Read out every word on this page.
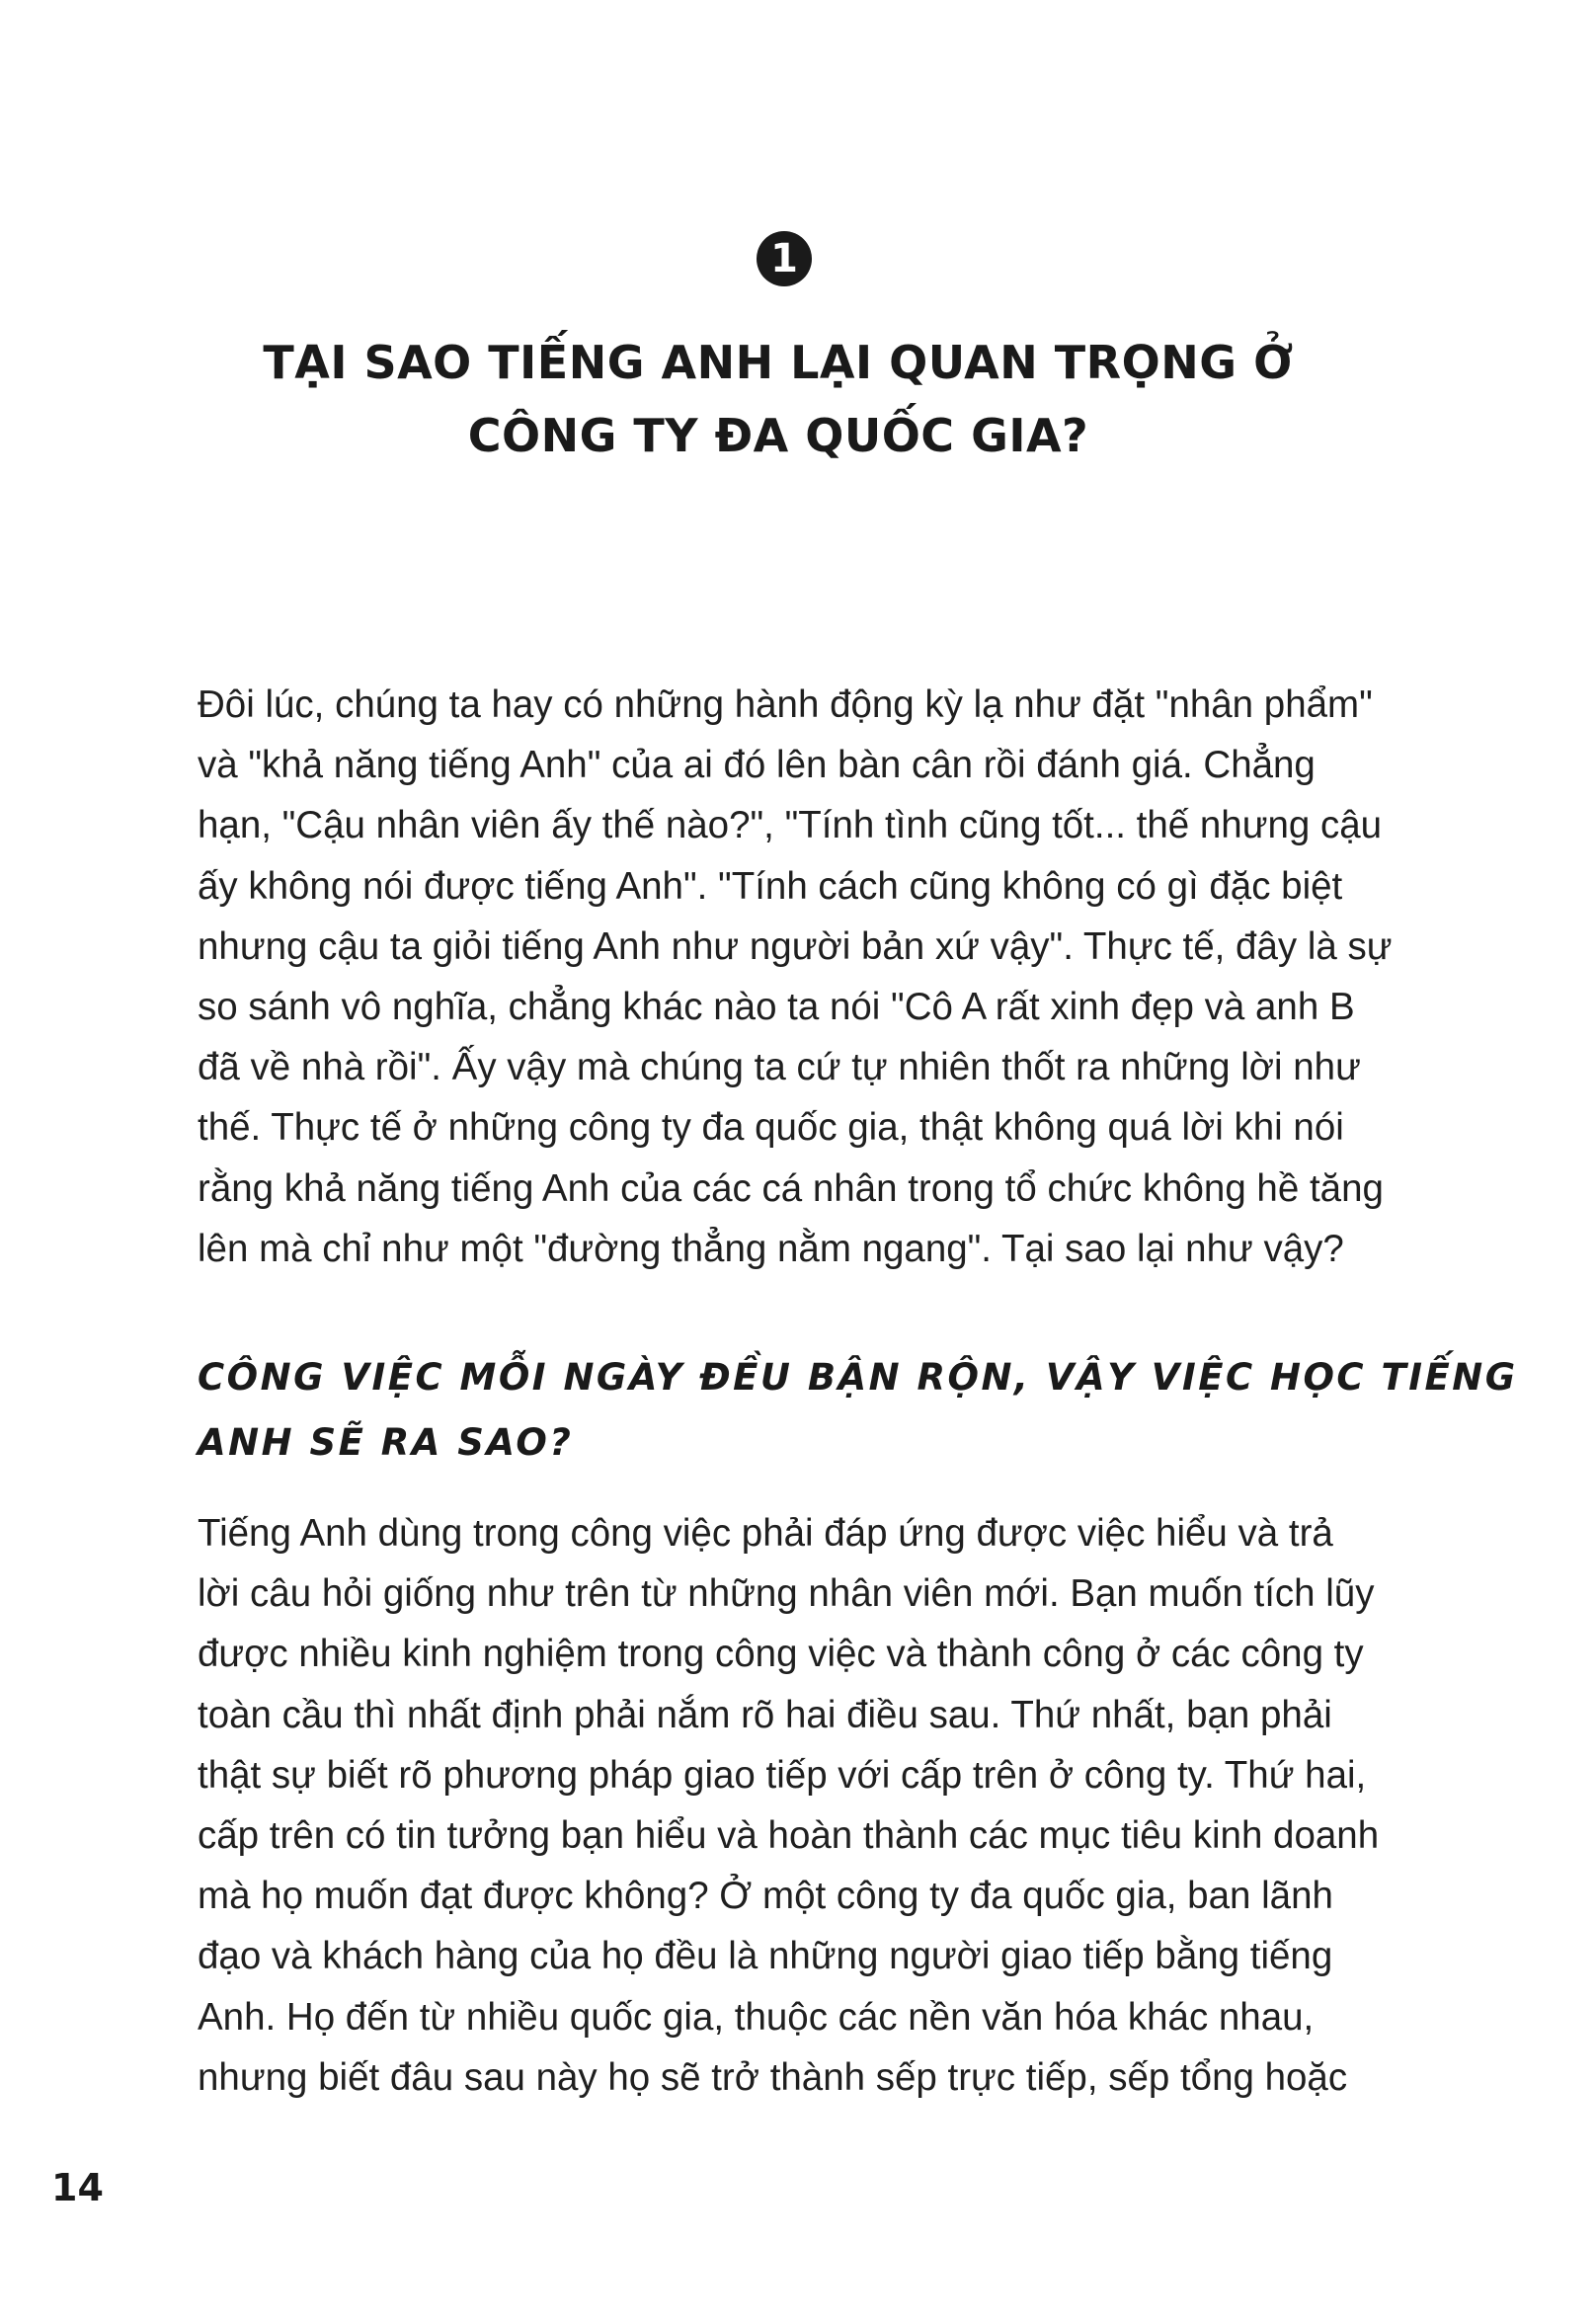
1
TẠI SAO TIẾNG ANH LẠI QUAN TRỌNG Ở
CÔNG TY ĐA QUỐC GIA?
Đôi lúc, chúng ta hay có những hành động kỳ lạ như đặt "nhân phẩm"
và "khả năng tiếng Anh" của ai đó lên bàn cân rồi đánh giá. Chẳng
hạn, "Cậu nhân viên ấy thế nào?", "Tính tình cũng tốt... thế nhưng cậu
ấy không nói được tiếng Anh". "Tính cách cũng không có gì đặc biệt
nhưng cậu ta giỏi tiếng Anh như người bản xứ vậy". Thực tế, đây là sự
so sánh vô nghĩa, chẳng khác nào ta nói "Cô A rất xinh đẹp và anh B
đã về nhà rồi". Ấy vậy mà chúng ta cứ tự nhiên thốt ra những lời như
thế. Thực tế ở những công ty đa quốc gia, thật không quá lời khi nói
rằng khả năng tiếng Anh của các cá nhân trong tổ chức không hề tăng
lên mà chỉ như một "đường thẳng nằm ngang". Tại sao lại như vậy?
CÔNG VIỆC MỖI NGÀY ĐỀU BẬN RỘN, VẬY VIỆC HỌC TIẾNG
ANH SẼ RA SAO?
Tiếng Anh dùng trong công việc phải đáp ứng được việc hiểu và trả
lời câu hỏi giống như trên từ những nhân viên mới. Bạn muốn tích lũy
được nhiều kinh nghiệm trong công việc và thành công ở các công ty
toàn cầu thì nhất định phải nắm rõ hai điều sau. Thứ nhất, bạn phải
thật sự biết rõ phương pháp giao tiếp với cấp trên ở công ty. Thứ hai,
cấp trên có tin tưởng bạn hiểu và hoàn thành các mục tiêu kinh doanh
mà họ muốn đạt được không? Ở một công ty đa quốc gia, ban lãnh
đạo và khách hàng của họ đều là những người giao tiếp bằng tiếng
Anh. Họ đến từ nhiều quốc gia, thuộc các nền văn hóa khác nhau,
nhưng biết đâu sau này họ sẽ trở thành sếp trực tiếp, sếp tổng hoặc
14
